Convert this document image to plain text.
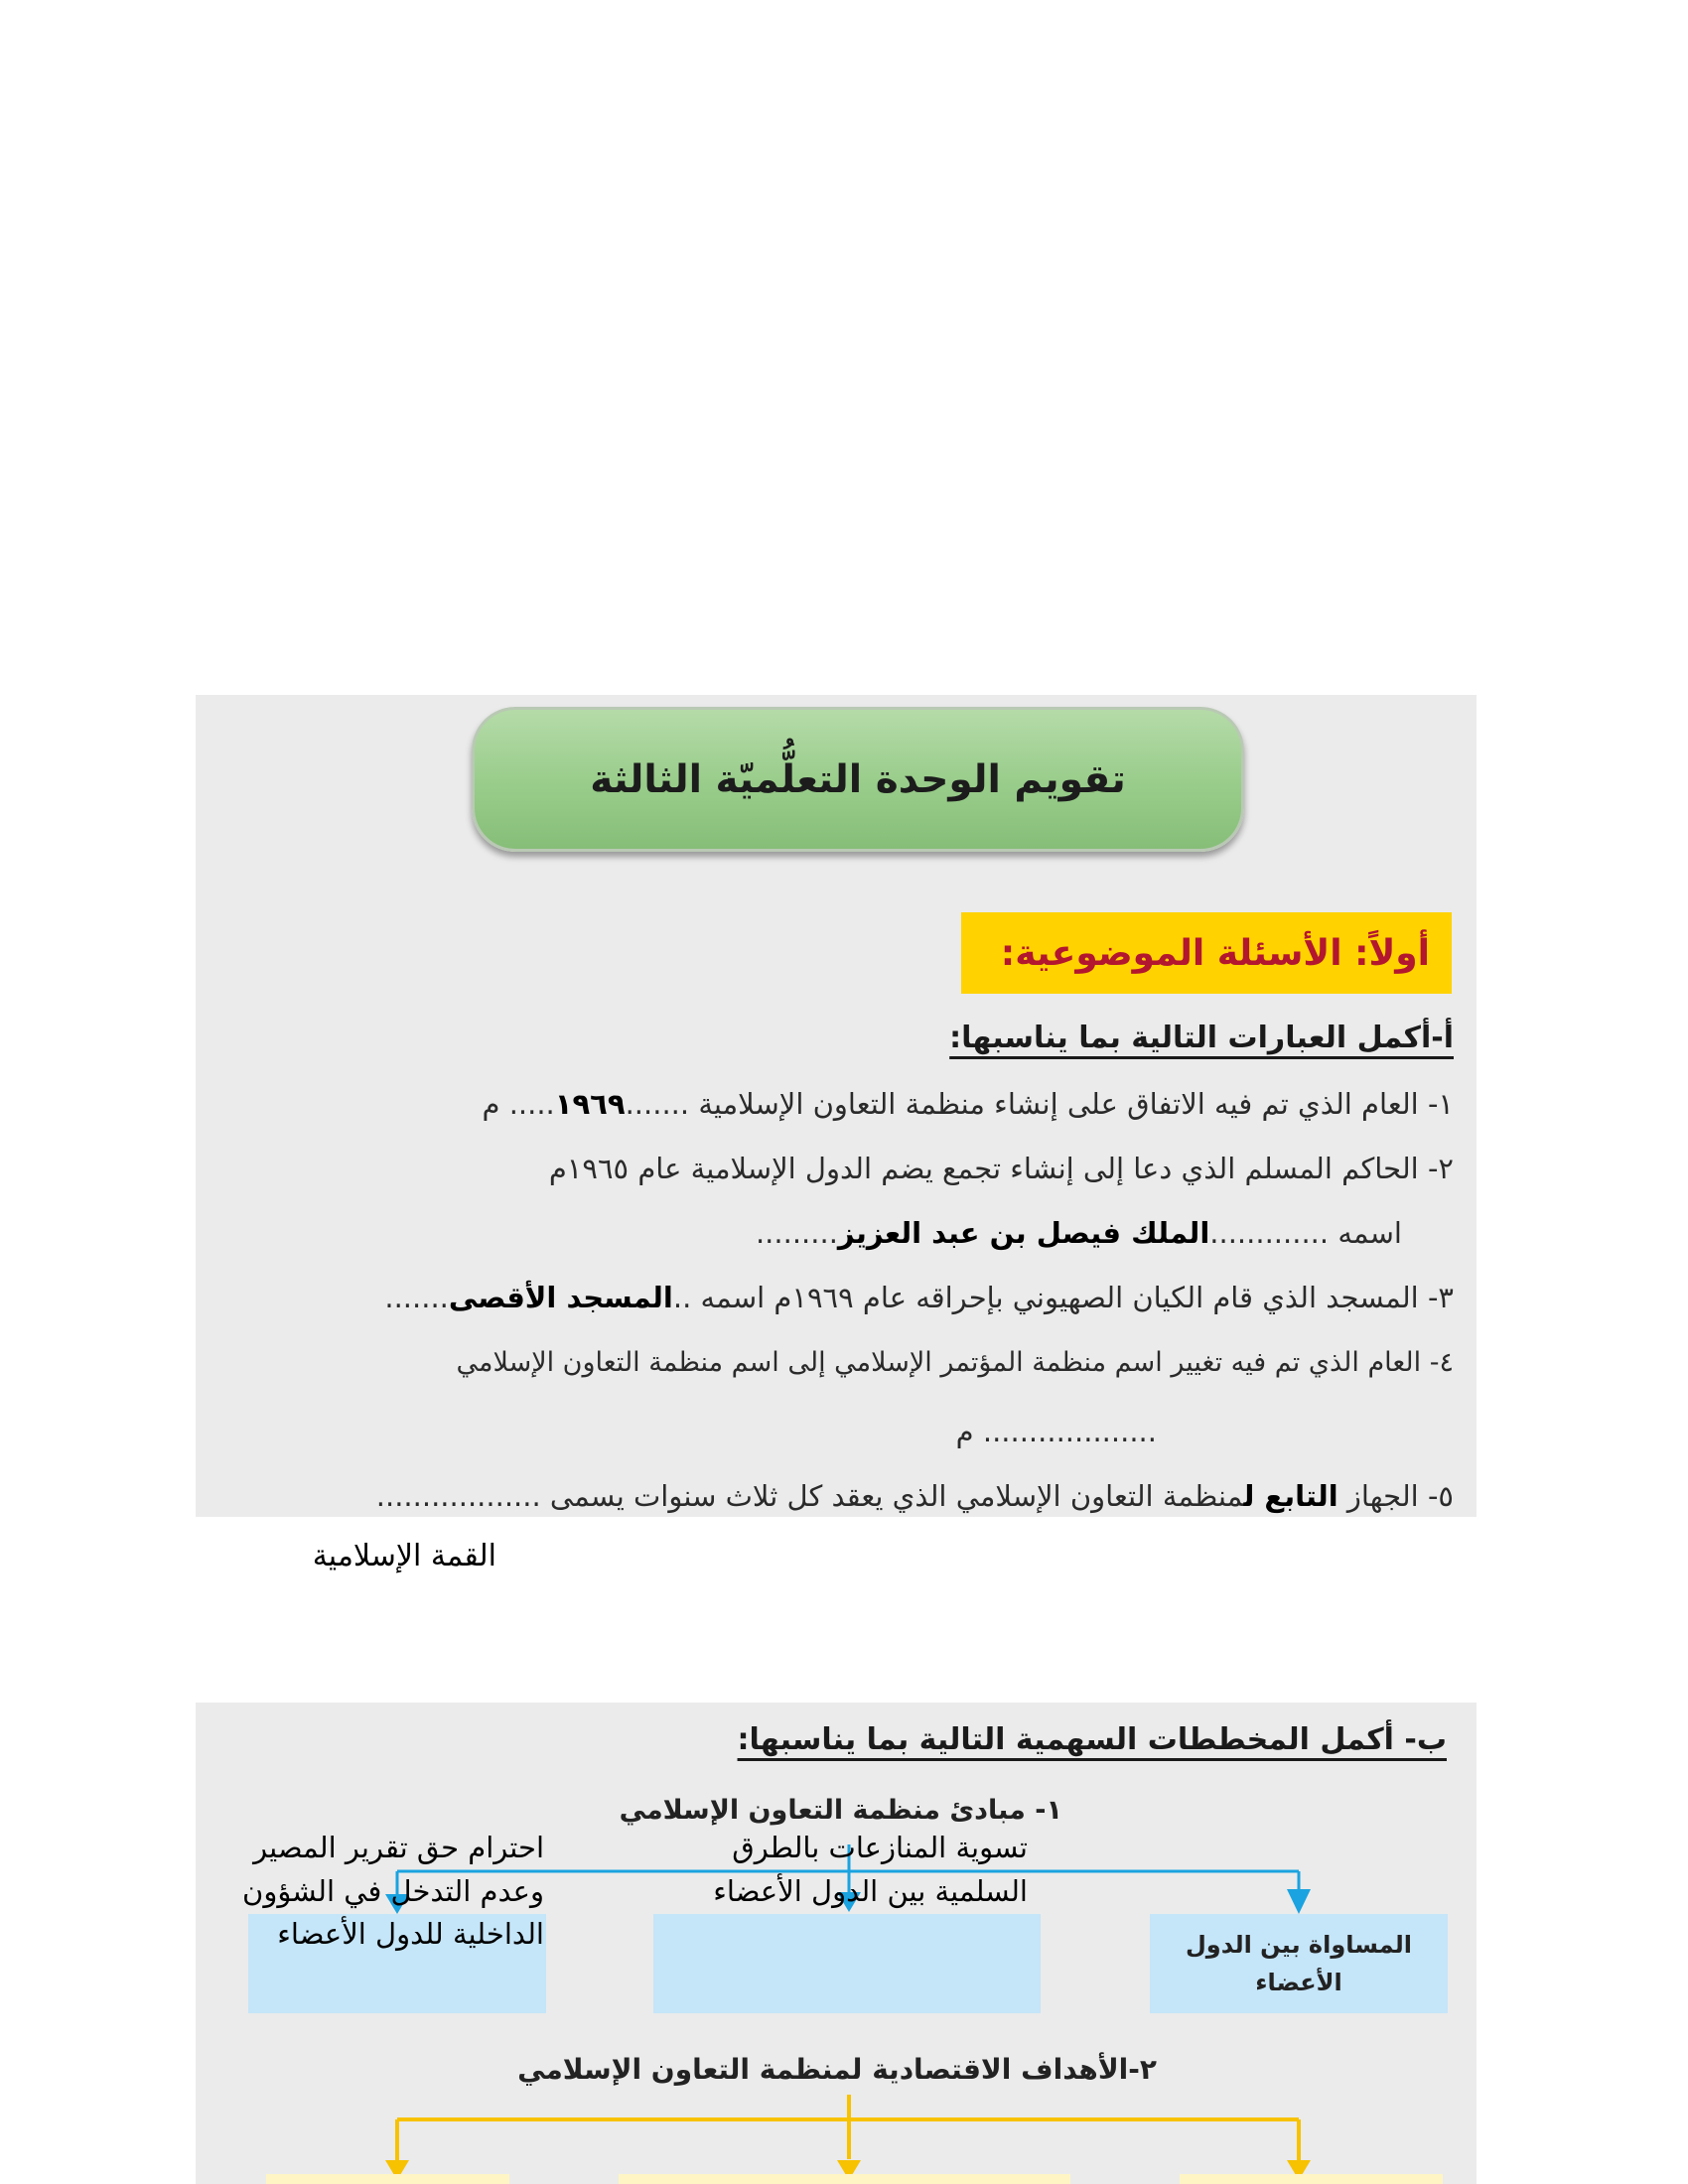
تقويم الوحدة التعلُّميّة الثالثة
أولاً: الأسئلة الموضوعية:
أ-أكمل العبارات التالية بما يناسبها:
١- العام الذي تم فيه الاتفاق على إنشاء منظمة التعاون الإسلامية .......١٩٦٩..... م
٢- الحاكم المسلم الذي دعا إلى إنشاء تجمع يضم الدول الإسلامية عام ١٩٦٥م
اسمه .............الملك فيصل بن عبد العزيز.........
٣- المسجد الذي قام الكيان الصهيوني بإحراقه عام ١٩٦٩م اسمه ..المسجد الأقصى.......
٤- العام الذي تم فيه تغيير اسم منظمة المؤتمر الإسلامي إلى اسم منظمة التعاون الإسلامي
................... م
٥- الجهاز التابع لمنظمة التعاون الإسلامي الذي يعقد كل ثلاث سنوات يسمى ..................
القمة الإسلامية
ب- أكمل المخططات السهمية التالية بما يناسبها:
١- مبادئ منظمة التعاون الإسلامي
المساواة بين الدول الأعضاء
تسوية المنازعات بالطرق
السلمية بين الدول الأعضاء
احترام حق تقرير المصير
وعدم التدخل في الشؤون
الداخلية للدول الأعضاء
٢-الأهداف الاقتصادية لمنظمة التعاون الإسلامي
